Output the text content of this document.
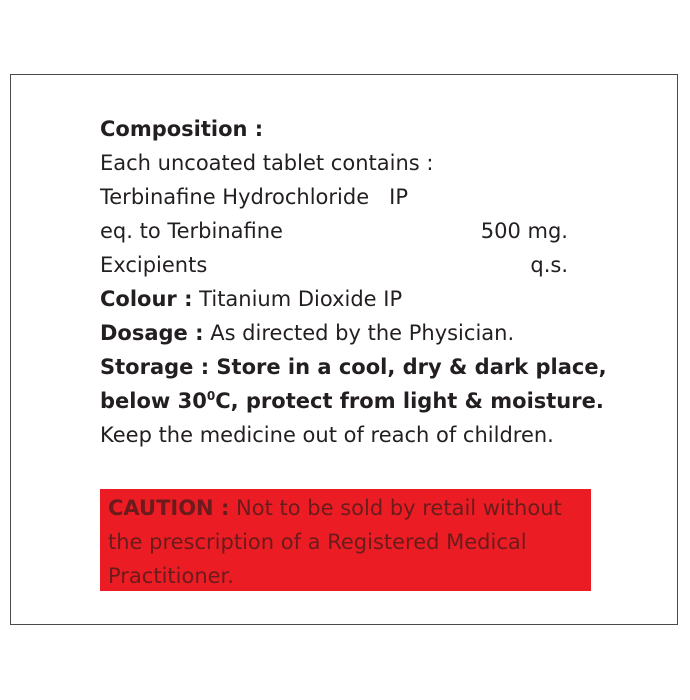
Composition :
Each uncoated tablet contains :
Terbinafine Hydrochloride IP
eq. to Terbinafine	500 mg.
Excipients	q.s.
Colour : Titanium Dioxide IP
Dosage : As directed by the Physician.
Storage : Store in a cool, dry & dark place,
below $30^0C$, protect from light & moisture.
Keep the medicine out of reach of children.
CAUTION : Not to be sold by retail without
the prescription of a Registered Medical
Practitioner.
